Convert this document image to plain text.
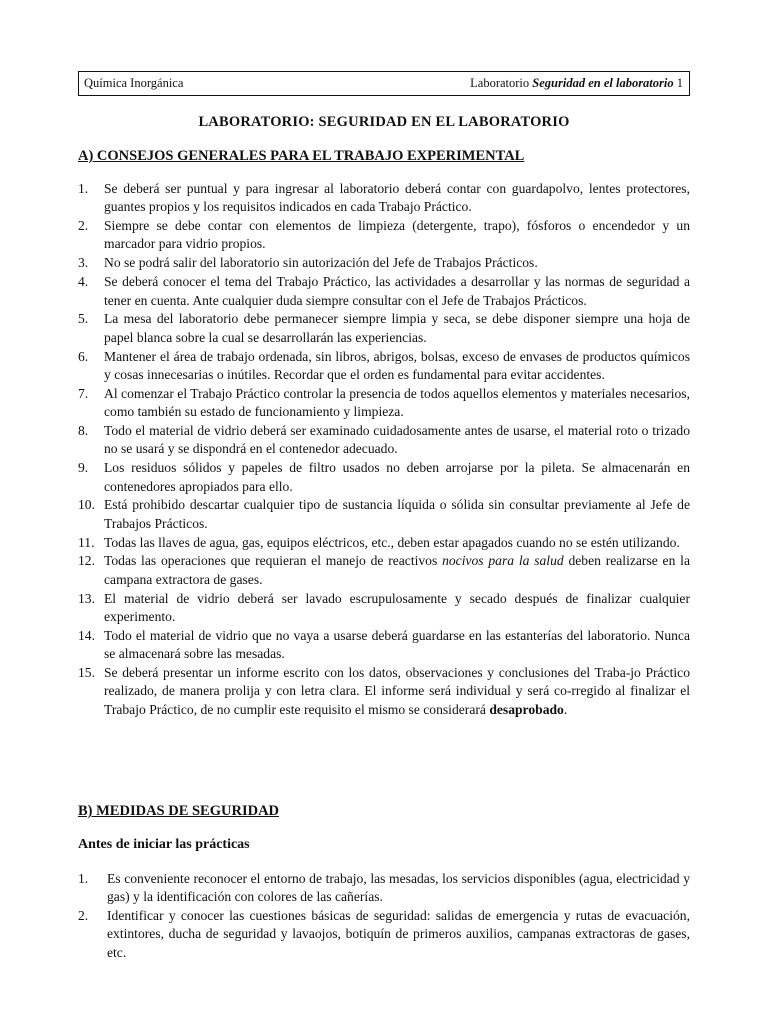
Química Inorgánica	Laboratorio Seguridad en el laboratorio 1
LABORATORIO: SEGURIDAD EN EL LABORATORIO
A) CONSEJOS GENERALES PARA EL TRABAJO EXPERIMENTAL
1. Se deberá ser puntual y para ingresar al laboratorio deberá contar con guardapolvo, lentes protectores, guantes propios y los requisitos indicados en cada Trabajo Práctico.
2. Siempre se debe contar con elementos de limpieza (detergente, trapo), fósforos o encendedor y un marcador para vidrio propios.
3. No se podrá salir del laboratorio sin autorización del Jefe de Trabajos Prácticos.
4. Se deberá conocer el tema del Trabajo Práctico, las actividades a desarrollar y las normas de seguridad a tener en cuenta. Ante cualquier duda siempre consultar con el Jefe de Trabajos Prácticos.
5. La mesa del laboratorio debe permanecer siempre limpia y seca, se debe disponer siempre una hoja de papel blanca sobre la cual se desarrollarán las experiencias.
6. Mantener el área de trabajo ordenada, sin libros, abrigos, bolsas, exceso de envases de productos químicos y cosas innecesarias o inútiles. Recordar que el orden es fundamental para evitar accidentes.
7. Al comenzar el Trabajo Práctico controlar la presencia de todos aquellos elementos y materiales necesarios, como también su estado de funcionamiento y limpieza.
8. Todo el material de vidrio deberá ser examinado cuidadosamente antes de usarse, el material roto o trizado no se usará y se dispondrá en el contenedor adecuado.
9. Los residuos sólidos y papeles de filtro usados no deben arrojarse por la pileta. Se almacenarán en contenedores apropiados para ello.
10. Está prohibido descartar cualquier tipo de sustancia líquida o sólida sin consultar previamente al Jefe de Trabajos Prácticos.
11. Todas las llaves de agua, gas, equipos eléctricos, etc., deben estar apagados cuando no se estén utilizando.
12. Todas las operaciones que requieran el manejo de reactivos nocivos para la salud deben realizarse en la campana extractora de gases.
13. El material de vidrio deberá ser lavado escrupulosamente y secado después de finalizar cualquier experimento.
14. Todo el material de vidrio que no vaya a usarse deberá guardarse en las estanterías del laboratorio. Nunca se almacenará sobre las mesadas.
15. Se deberá presentar un informe escrito con los datos, observaciones y conclusiones del Traba-jo Práctico realizado, de manera prolija y con letra clara. El informe será individual y será co-rregido al finalizar el Trabajo Práctico, de no cumplir este requisito el mismo se considerará desaprobado.
B) MEDIDAS DE SEGURIDAD
Antes de iniciar las prácticas
1. Es conveniente reconocer el entorno de trabajo, las mesadas, los servicios disponibles (agua, electricidad y gas) y la identificación con colores de las cañerías.
2. Identificar y conocer las cuestiones básicas de seguridad: salidas de emergencia y rutas de evacuación, extintores, ducha de seguridad y lavaojos, botiquín de primeros auxilios, campanas extractoras de gases, etc.
